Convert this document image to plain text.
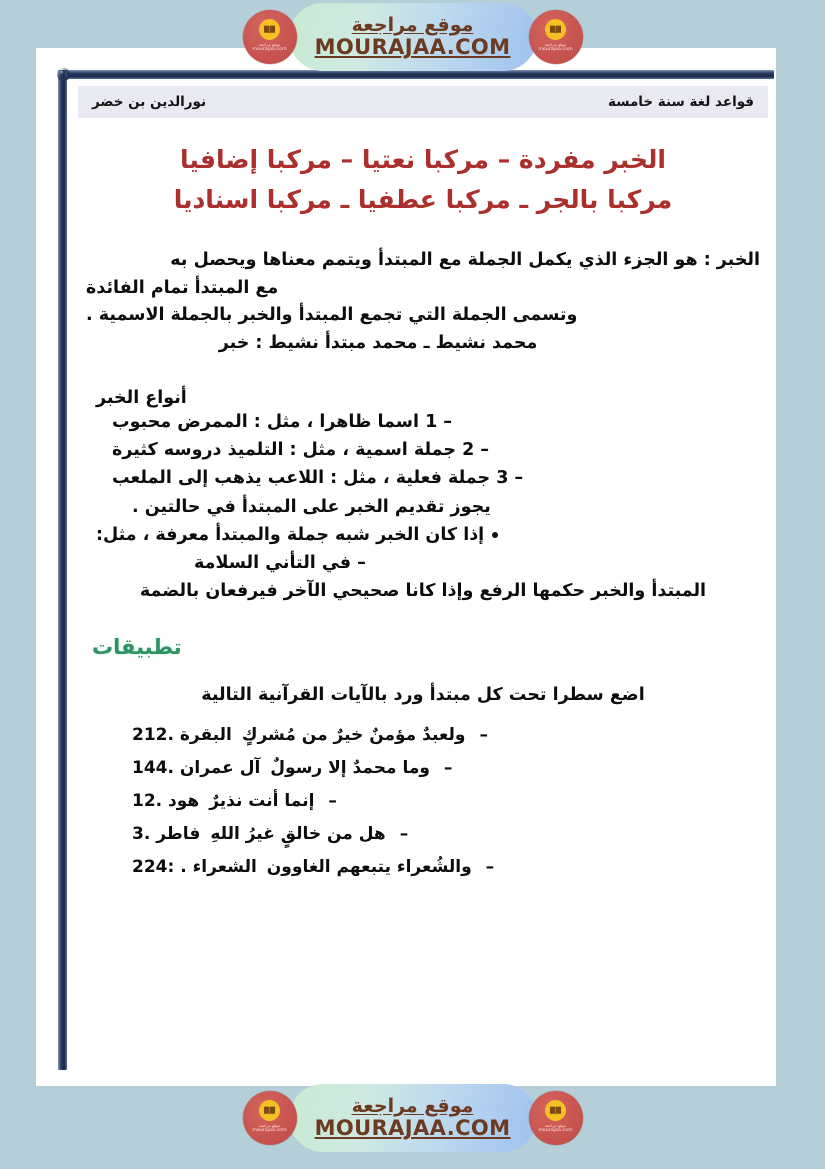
موقع مراجعة
mourajaa.com
موقع مراجعة
MOURAJAA.COM	موقع مراجعة
mourajaa.com
قواعد لغة سنة خامسة
نورالدين بن خضر
الخبر مفردة – مركبا نعتيا – مركبا إضافيا
مركبا بالجر ـ مركبا عطفيا ـ مركبا اسناديا
الخبر : هو الجزء الذي يكمل الجملة مع المبتدأ ويتمم معناها ويحصل به
مع المبتدأ تمام الفائدة
وتسمى الجملة التي تجمع المبتدأ والخبر بالجملة الاسمية .
محمد نشيط ـ محمد مبتدأ نشيط : خبر
أنواع الخبر
–1 اسما ظاهرا ، مثل : الممرض محبوب
–2 جملة اسمية ، مثل : التلميذ دروسه كثيرة
–3 جملة فعلية ، مثل : اللاعب يذهب إلى الملعب
يجوز تقديم الخبر على المبتدأ في حالتين .
إذا كان الخبر شبه جملة والمبتدأ معرفة ، مثل:
– في التأني السلامة
المبتدأ والخبر حكمها الرفع وإذا كانا صحيحي الآخر فيرفعان بالضمة
تطبيقات
اضع سطرا تحت كل مبتدأ ورد بالآيات القرآنية التالية
–ولعبدٌ مؤمنٌ خيرٌ من مُشركٍالبقرة 212.
–وما محمدٌ إلا رسولٌآل عمران 144.
–إنما أنت نذيرٌهود 12.
–هل من خالقٍ غيرُ اللهِفاطر 3.
–والشُعراء يتبعهم الغاوونالشعراء 224: .
موقع مراجعة
mourajaa.com
موقع مراجعة
MOURAJAA.COM	موقع مراجعة
mourajaa.com
